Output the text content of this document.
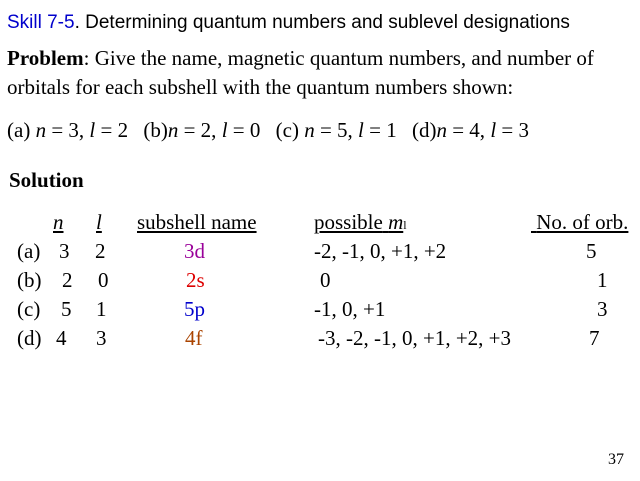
Skill 7-5. Determining quantum numbers and sublevel designations
Problem: Give the name, magnetic quantum numbers, and number of orbitals for each subshell with the quantum numbers shown:
(a) n = 3, l = 2 (b)n = 2, l = 0 (c) n = 5, l = 1 (d)n = 4, l = 3
Solution
n l subshell name	possible ml	No. of orb.
(a) 3 2	3d	-2, -1, 0, +1, +2	5
(b) 2 0	2s	0	1
(c) 5 1	5p	-1, 0, +1	3
(d) 4 3	4f	-3, -2, -1, 0, +1, +2, +3	7
37
